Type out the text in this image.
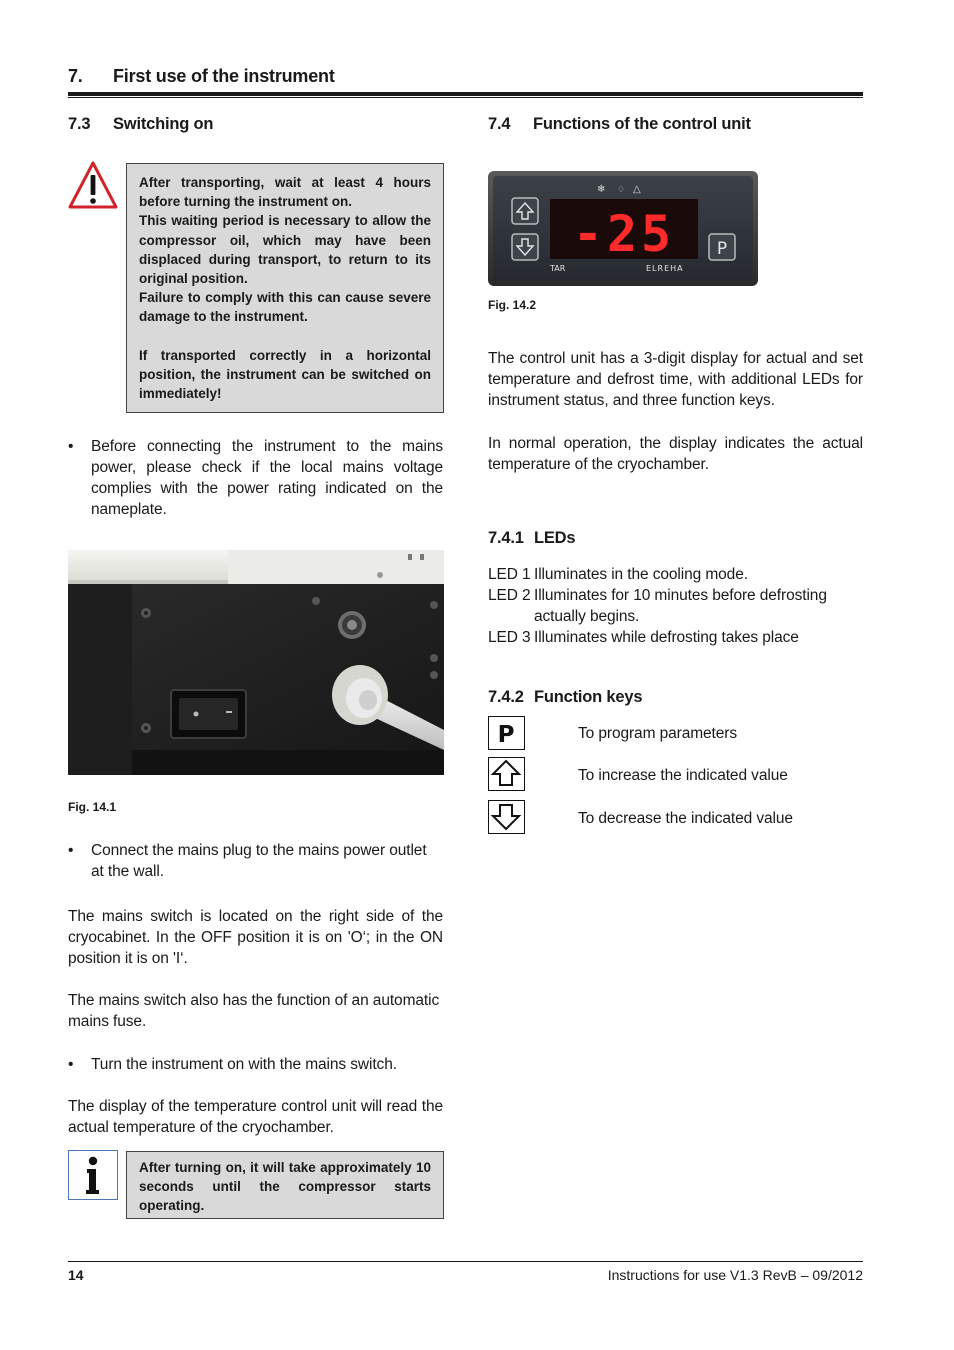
7. First use of the instrument
7.3 Switching on

After transporting, wait at least 4 hours before turning the instrument on.

This waiting period is necessary to allow the compressor oil, which may have been displaced during transport, to return to its original position.

Failure to comply with this can cause severe damage to the instrument.

If transported correctly in a horizontal position, the instrument can be switched on immediately!

•	Before connecting the instrument to the mains power, please check if the local mains voltage complies with the power rating indicated on the nameplate.
Fig. 14.1
•	Connect the mains plug to the mains power outlet at the wall.
The mains switch is located on the right side of the cryocabinet. In the OFF position it is on 'O‘; in the ON position it is on 'I‘.
The mains switch also has the function of an automatic mains fuse.
•	Turn the instrument on with the mains switch.
The display of the temperature control unit will read the actual temperature of the cryochamber.

After turning on, it will take approximately 10 seconds until the compressor starts operating.

7.4 Functions of the control unit
❄ ♢ △
-25 P
TAR	ELREHA
Fig. 14.2
The control unit has a 3-digit display for actual and set temperature and defrost time, with additional LEDs for instrument status, and three function keys.
In normal operation, the display indicates the actual temperature of the cryochamber.
7.4.1 LEDs
LED 1 Illuminates in the cooling mode.
LED 2 Illuminates for 10 minutes before defrosting actually begins.
LED 3 Illuminates while defrosting takes place
7.4.2 Function keys
P	To program parameters
To increase the indicated value
To decrease the indicated value
14	Instructions for use V1.3 RevB – 09/2012
